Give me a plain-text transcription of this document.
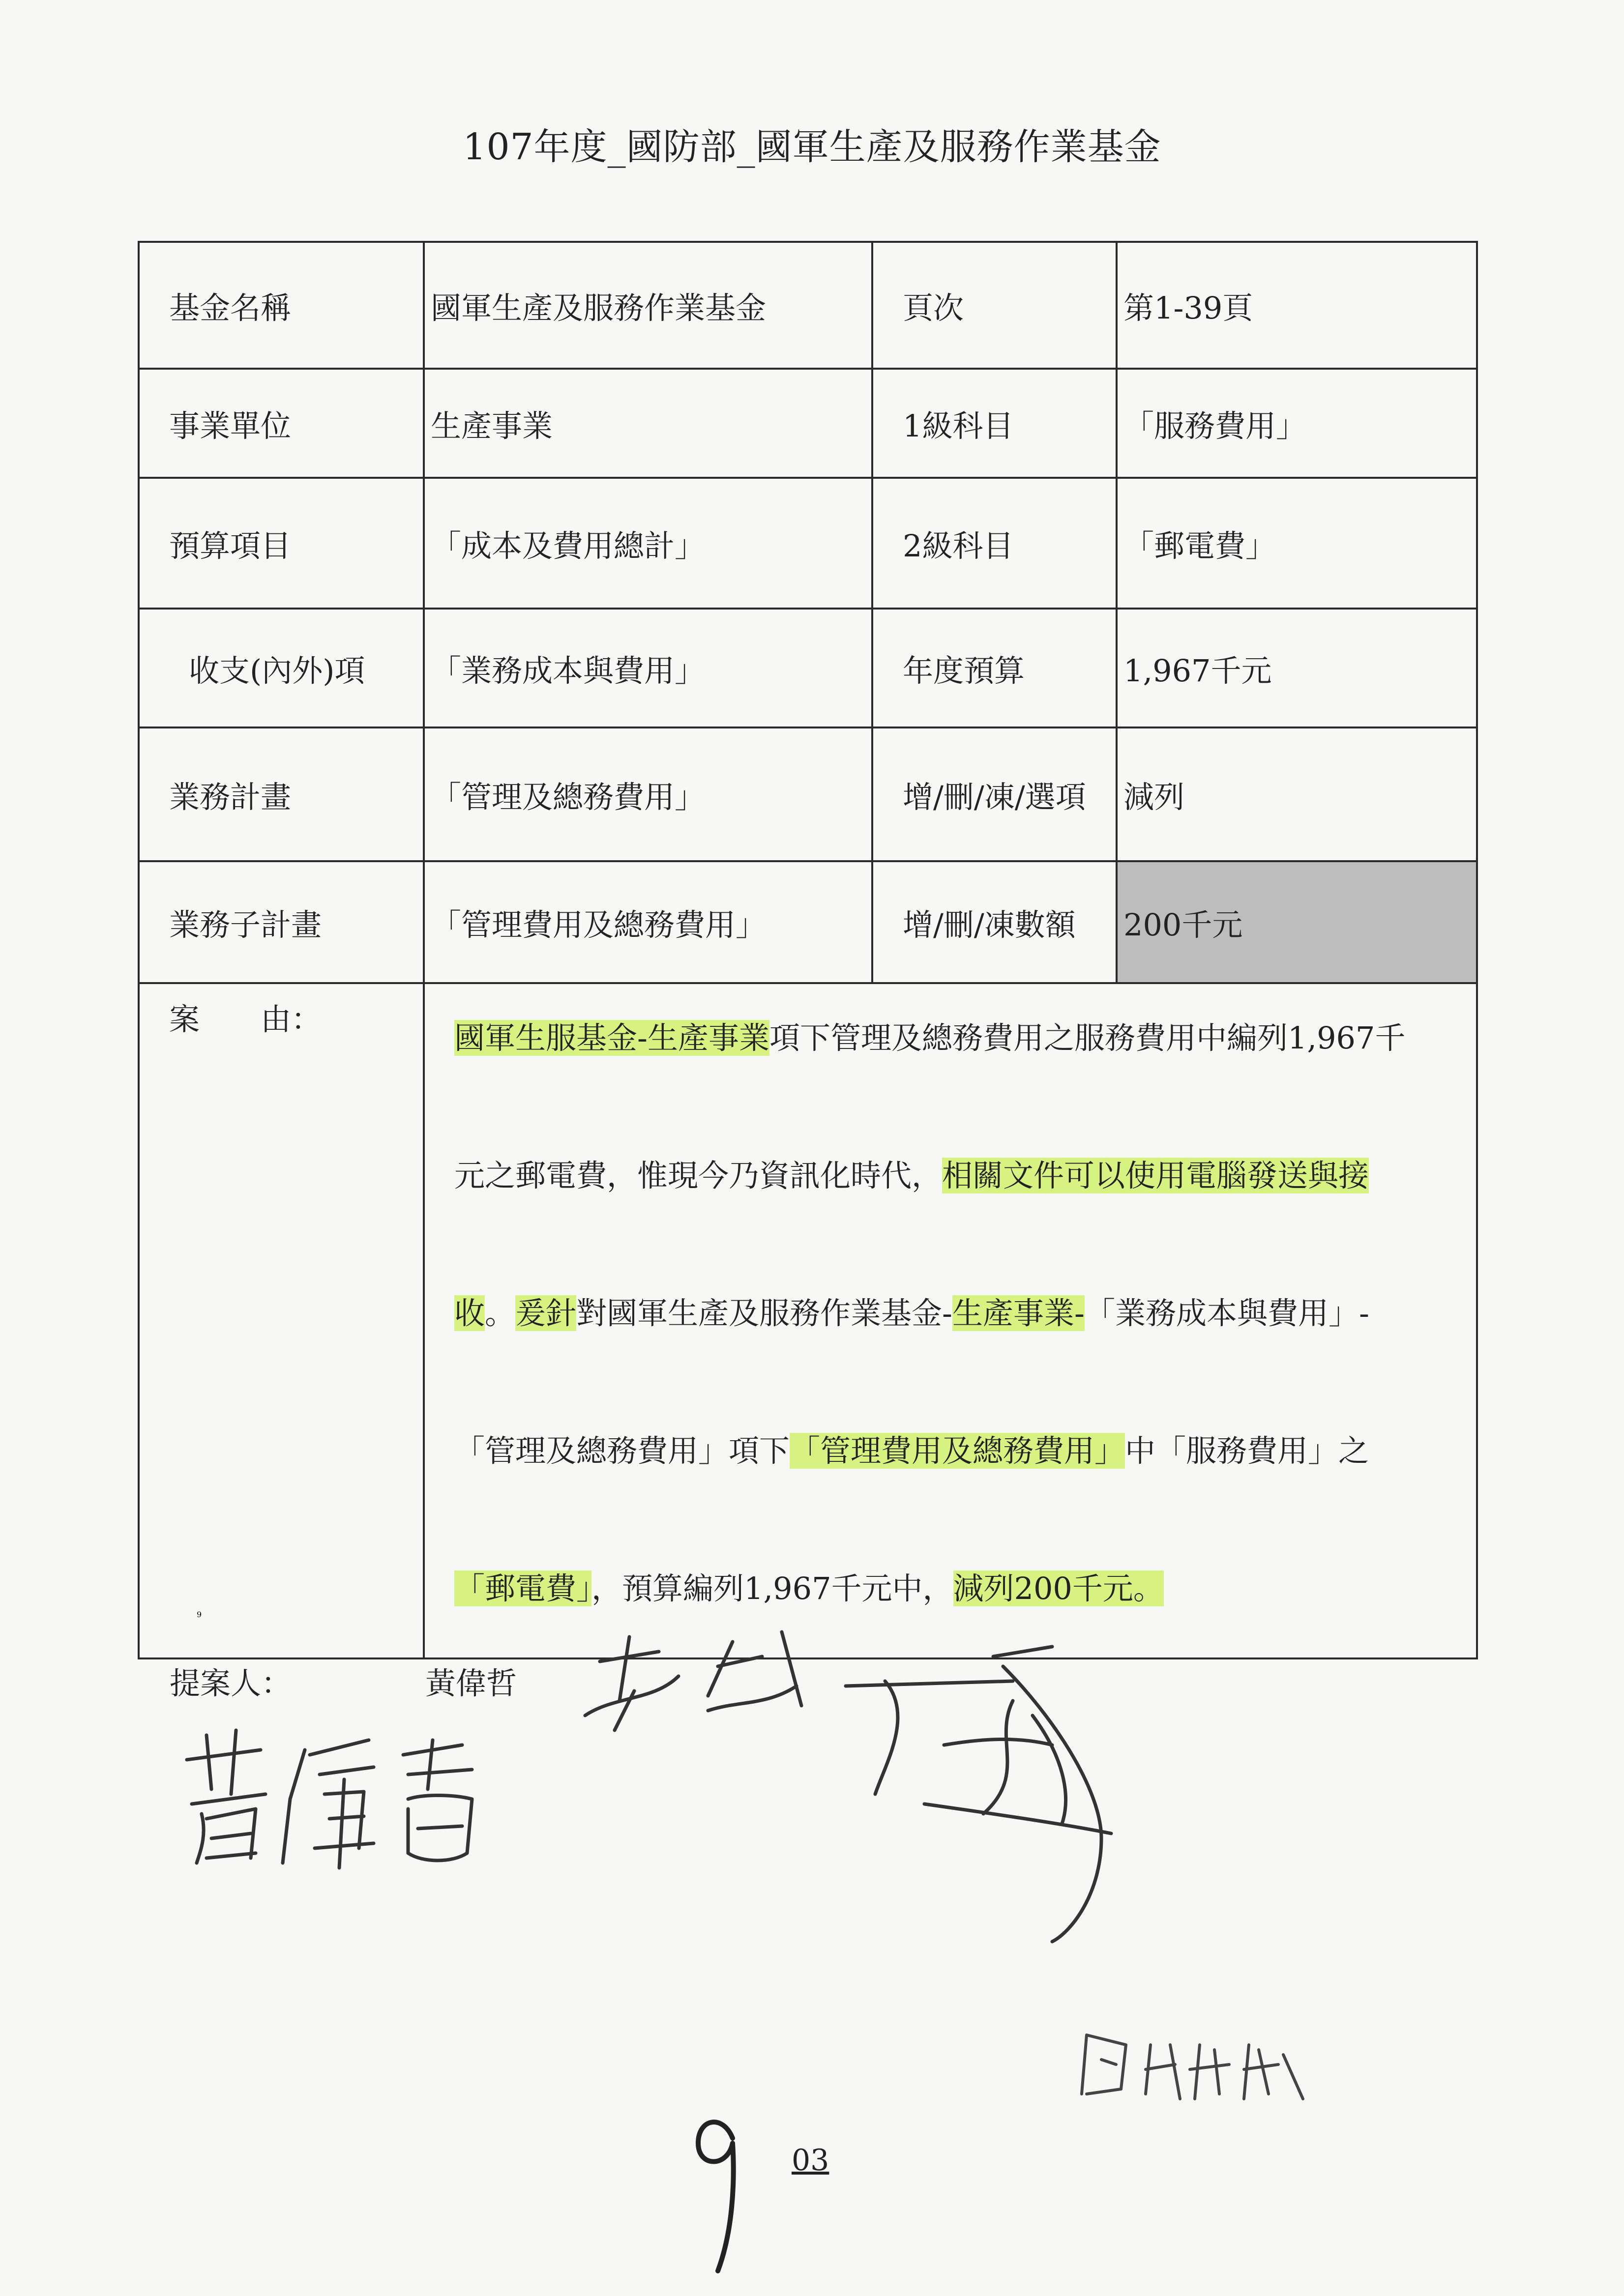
107年度_國防部_國軍生產及服務作業基金
基金名稱	國軍生產及服務作業基金	頁次	第1-39頁
事業單位	生產事業	1級科目	「服務費用」
預算項目	「成本及費用總計」	2級科目	「郵電費」
收支(內外)項	「業務成本與費用」	年度預算	1,967千元
業務計畫	「管理及總務費用」	增/刪/凍/選項	減列
業務子計畫	「管理費用及總務費用」	增/刪/凍數額	200千元
案　　由：	國軍生服基金-生產事業項下管理及總務費用之服務費用中編列1,967千
元之郵電費，惟現今乃資訊化時代，相關文件可以使用電腦發送與接
收。爰針對國軍生產及服務作業基金-生產事業-「業務成本與費用」-
「管理及總務費用」項下「管理費用及總務費用」中「服務費用」之
「郵電費」，預算編列1,967千元中，減列200千元。		
提案人：	黃偉哲
9
03
